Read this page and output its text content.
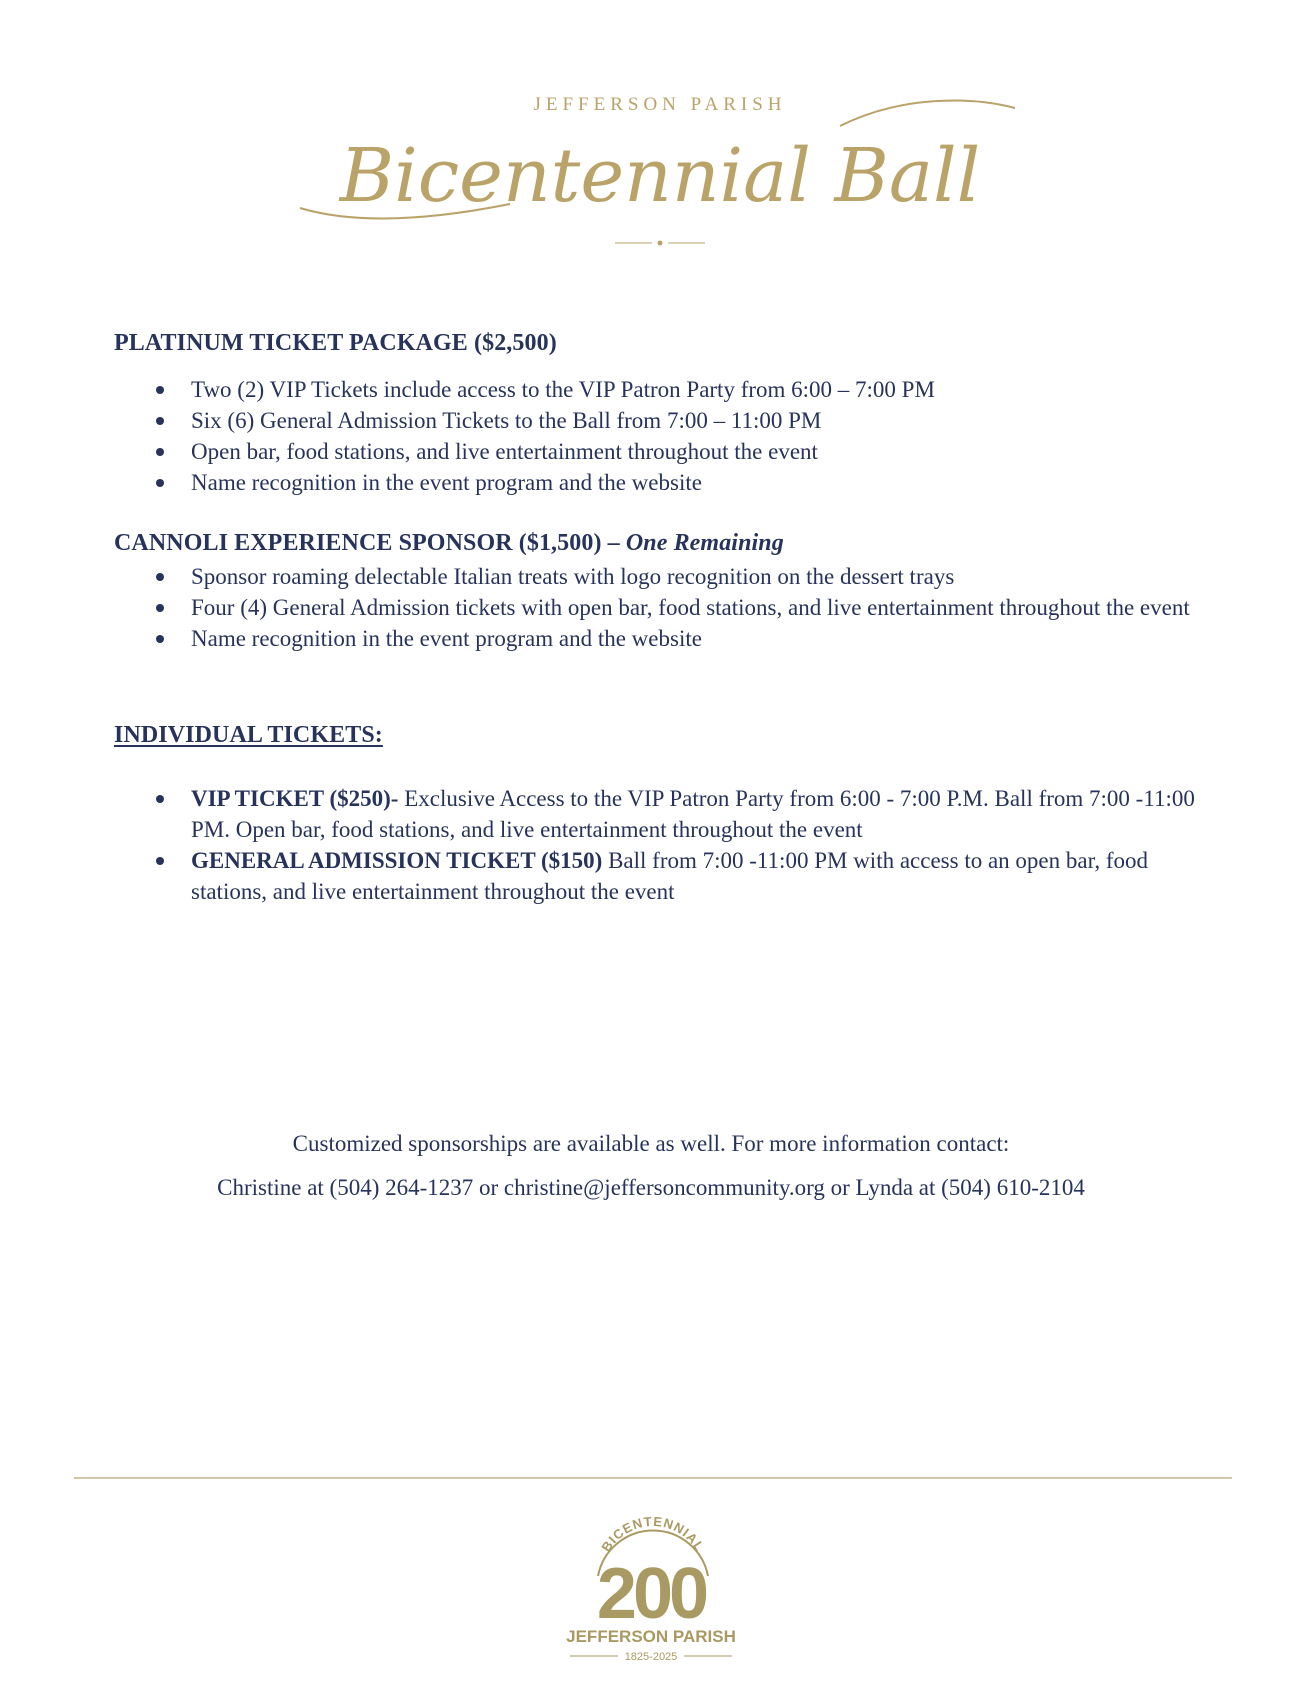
JEFFERSON PARISH
Bicentennial Ball
PLATINUM TICKET PACKAGE ($2,500)
Two (2) VIP Tickets include access to the VIP Patron Party from 6:00 – 7:00 PM
Six (6) General Admission Tickets to the Ball from 7:00 – 11:00 PM
Open bar, food stations, and live entertainment throughout the event
Name recognition in the event program and the website
CANNOLI EXPERIENCE SPONSOR ($1,500) – One Remaining
Sponsor roaming delectable Italian treats with logo recognition on the dessert trays
Four (4) General Admission tickets with open bar, food stations, and live entertainment throughout the event
Name recognition in the event program and the website
INDIVIDUAL TICKETS:
VIP TICKET ($250)- Exclusive Access to the VIP Patron Party from 6:00 - 7:00 P.M. Ball from 7:00 -11:00 PM. Open bar, food stations, and live entertainment throughout the event
GENERAL ADMISSION TICKET ($150) Ball from 7:00 -11:00 PM with access to an open bar, food stations, and live entertainment throughout the event

Customized sponsorships are available as well. For more information contact:

Christine at (504) 264-1237 or christine@jeffersoncommunity.org or Lynda at (504) 610-2104

BICENTENNIAL
200
JEFFERSON PARISH
1825-2025
